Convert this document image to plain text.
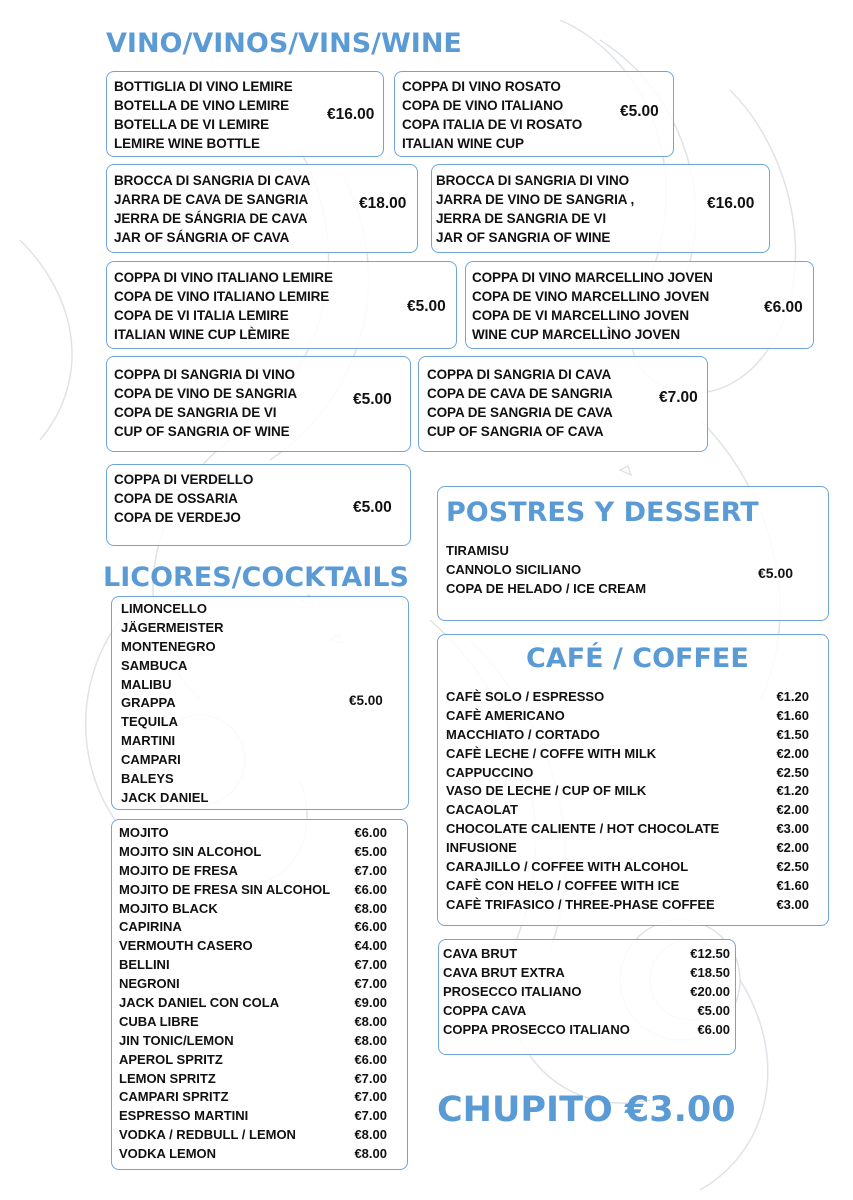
VINO/VINOS/VINS/WINE
BOTTIGLIA DI VINO LEMIRE
BOTELLA DE VINO LEMIRE
BOTELLA DE VI LEMIRE
LEMIRE WINE BOTTLE
€16.00
COPPA DI VINO ROSATO
COPA DE VINO ITALIANO
COPA ITALIA DE VI ROSATO
ITALIAN WINE CUP
€5.00
BROCCA DI SANGRIA DI CAVA
JARRA DE CAVA DE SANGRIA
JERRA DE SÁNGRIA DE CAVA
JAR OF SÁNGRIA OF CAVA
€18.00
BROCCA DI SANGRIA DI VINO
JARRA DE VINO DE SANGRIA ,
JERRA DE SANGRIA DE VI
JAR OF SANGRIA OF WINE
€16.00
COPPA DI VINO ITALIANO LEMIRE
COPA DE VINO ITALIANO LEMIRE
COPA DE VI ITALIA LEMIRE
ITALIAN WINE CUP LÈMIRE
€5.00
COPPA DI VINO MARCELLINO JOVEN
COPA DE VINO MARCELLINO JOVEN
COPA DE VI MARCELLINO JOVEN
WINE CUP MARCELLÌNO JOVEN
€6.00
COPPA DI SANGRIA DI VINO
COPA DE VINO DE SANGRIA
COPA DE SANGRIA DE VI
CUP OF SANGRIA OF WINE
€5.00
COPPA DI SANGRIA DI CAVA
COPA DE CAVA DE SANGRIA
COPA DE SANGRIA DE CAVA
CUP OF SANGRIA OF CAVA
€7.00
COPPA DI VERDELLO
COPA DE OSSARIA
COPA DE VERDEJO
€5.00
LICORES/COCKTAILS
LIMONCELLO
JÄGERMEISTER
MONTENEGRO
SAMBUCA
MALIBU
GRAPPA
TEQUILA
MARTINI
CAMPARI
BALEYS
JACK DANIEL
€5.00
MOJITO	€6.00
MOJITO SIN ALCOHOL	€5.00
MOJITO DE FRESA	€7.00
MOJITO DE FRESA SIN ALCOHOL €6.00
MOJITO BLACK	€8.00
CAPIRINA	€6.00
VERMOUTH CASERO	€4.00
BELLINI	€7.00
NEGRONI	€7.00
JACK DANIEL CON COLA	€9.00
CUBA LIBRE	€8.00
JIN TONIC/LEMON	€8.00
APEROL SPRITZ	€6.00
LEMON SPRITZ	€7.00
CAMPARI SPRITZ	€7.00
ESPRESSO MARTINI	€7.00
VODKA / REDBULL / LEMON	€8.00
VODKA LEMON	€8.00
POSTRES Y DESSERT
TIRAMISU
CANNOLO SICILIANO
COPA DE HELADO / ICE CREAM
€5.00
CAFÉ / COFFEE
CAFÈ SOLO / ESPRESSO	€1.20
CAFÈ AMERICANO	€1.60
MACCHIATO / CORTADO	€1.50
CAFÈ LECHE / COFFE WITH MILK	€2.00
CAPPUCCINO	€2.50
VASO DE LECHE / CUP OF MILK	€1.20
CACAOLAT	€2.00
CHOCOLATE CALIENTE / HOT CHOCOLATE	€3.00
INFUSIONE	€2.00
CARAJILLO / COFFEE WITH ALCOHOL	€2.50
CAFÈ CON HELO / COFFEE WITH ICE	€1.60
CAFÈ TRIFASICO / THREE-PHASE COFFEE	€3.00
CAVA BRUT	€12.50
CAVA BRUT EXTRA	€18.50
PROSECCO ITALIANO	€20.00
COPPA CAVA	€5.00
COPPA PROSECCO ITALIANO	€6.00
CHUPITO €3.00
